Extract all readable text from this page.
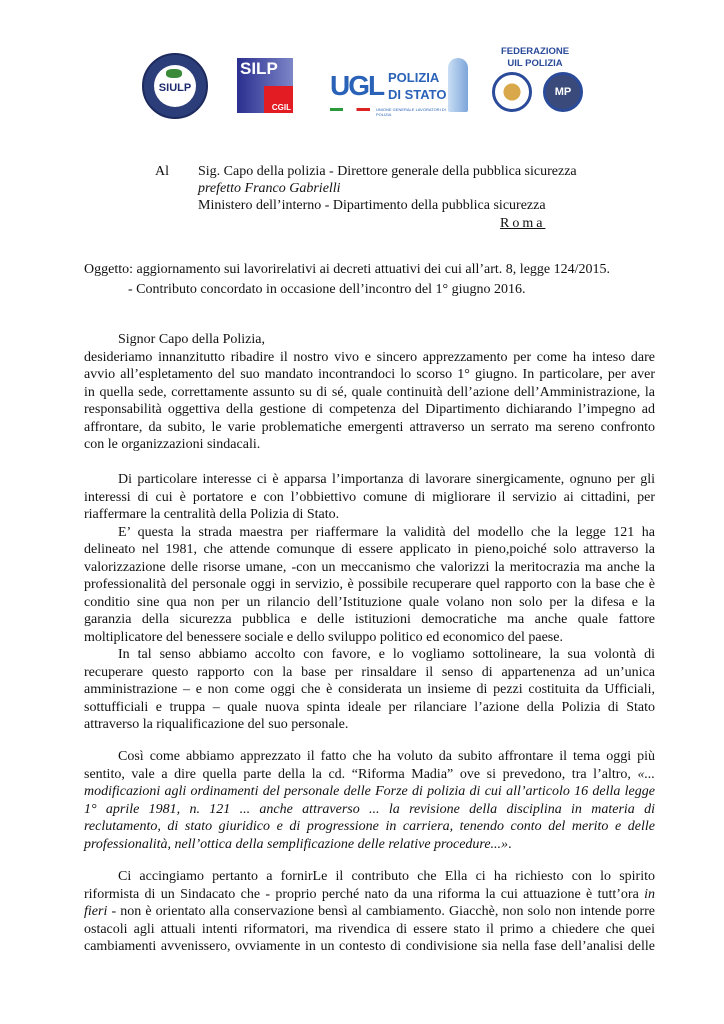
SIULP
SILP
CGIL
UGL POLIZIA
DI STATO
UNIONE GENERALE LAVORATORI DI POLIZIA
FEDERAZIONE
UIL POLIZIA
MP
Al Sig. Capo della polizia - Direttore generale della pubblica sicurezza
prefetto Franco Gabrielli
Ministero dell’interno - Dipartimento della pubblica sicurezza
Roma
Oggetto: aggiornamento sui lavorirelativi ai decreti attuativi dei cui all’art. 8, legge 124/2015.
- Contributo concordato in occasione dell’incontro del 1° giugno 2016.
Signor Capo della Polizia,
desideriamo innanzitutto ribadire il nostro vivo e sincero apprezzamento per come ha inteso dare
avvio all’espletamento del suo mandato incontrandoci lo scorso 1° giugno. In particolare, per aver
in quella sede, correttamente assunto su di sé, quale continuità dell’azione dell’Amministrazione, la
responsabilità oggettiva della gestione di competenza del Dipartimento dichiarando l’impegno ad
affrontare, da subito, le varie problematiche emergenti attraverso un serrato ma sereno confronto
con le organizzazioni sindacali.
Di particolare interesse ci è apparsa l’importanza di lavorare sinergicamente, ognuno per gli
interessi di cui è portatore e con l’obbiettivo comune di migliorare il servizio ai cittadini, per
riaffermare la centralità della Polizia di Stato.
E’ questa la strada maestra per riaffermare la validità del modello che la legge 121 ha
delineato nel 1981, che attende comunque di essere applicato in pieno,poiché solo attraverso la
valorizzazione delle risorse umane, -con un meccanismo che valorizzi la meritocrazia ma anche la
professionalità del personale oggi in servizio, è possibile recuperare quel rapporto con la base che è
conditio sine qua non per un rilancio dell’Istituzione quale volano non solo per la difesa e la
garanzia della sicurezza pubblica e delle istituzioni democratiche ma anche quale fattore
moltiplicatore del benessere sociale e dello sviluppo politico ed economico del paese.
In tal senso abbiamo accolto con favore, e lo vogliamo sottolineare, la sua volontà di
recuperare questo rapporto con la base per rinsaldare il senso di appartenenza ad un’unica
amministrazione – e non come oggi che è considerata un insieme di pezzi costituita da Ufficiali,
sottufficiali e truppa – quale nuova spinta ideale per rilanciare l’azione della Polizia di Stato
attraverso la riqualificazione del suo personale.
Così come abbiamo apprezzato il fatto che ha voluto da subito affrontare il tema oggi più
sentito, vale a dire quella parte della la cd. “Riforma Madia” ove si prevedono, tra l’altro, «...
modificazioni agli ordinamenti del personale delle Forze di polizia di cui all’articolo 16 della legge
1° aprile 1981, n. 121 ... anche attraverso ... la revisione della disciplina in materia di
reclutamento, di stato giuridico e di progressione in carriera, tenendo conto del merito e delle
professionalità, nell’ottica della semplificazione delle relative procedure...».
Ci accingiamo pertanto a fornirLe il contributo che Ella ci ha richiesto con lo spirito
riformista di un Sindacato che - proprio perché nato da una riforma la cui attuazione è tutt’ora in
fieri - non è orientato alla conservazione bensì al cambiamento. Giacchè, non solo non intende porre
ostacoli agli attuali intenti riformatori, ma rivendica di essere stato il primo a chiedere che quei
cambiamenti avvenissero, ovviamente in un contesto di condivisione sia nella fase dell’analisi delle
